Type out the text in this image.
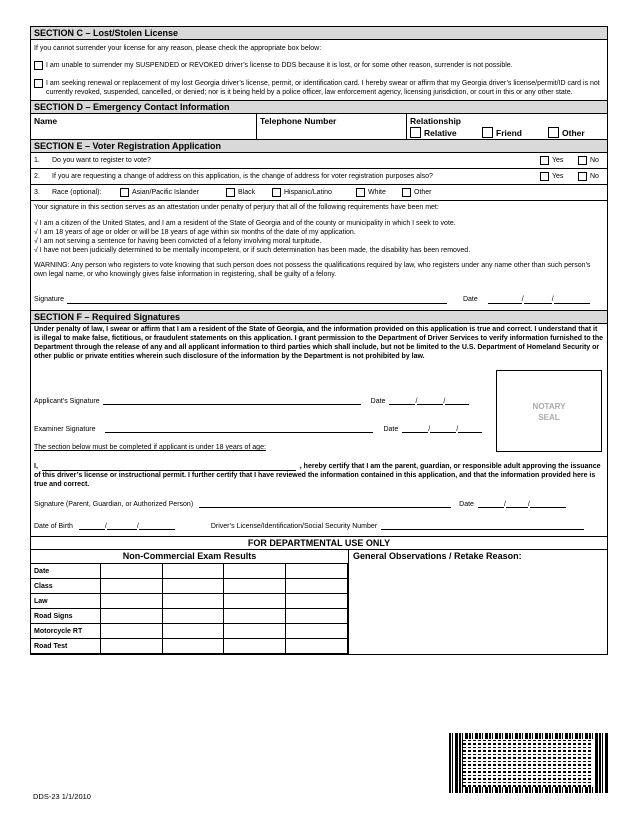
SECTION C – Lost/Stolen License
If you cannot surrender your license for any reason, please check the appropriate box below:
I am unable to surrender my SUSPENDED or REVOKED driver’s license to DDS because it is lost, or for some other reason, surrender is not possible.
I am seeking renewal or replacement of my lost Georgia driver’s license, permit, or identification card. I hereby swear or affirm that my Georgia driver’s license/permit/ID card is not currently revoked, suspended, cancelled, or denied; nor is it being held by a police officer, law enforcement agency, licensing jurisdiction, or court in this or any other state.
SECTION D – Emergency Contact Information
Name	Telephone Number	Relationship
Relative	Friend	Other
SECTION E – Voter Registration Application
1.	Do you want to register to vote?	Yes	No
2.	If you are requesting a change of address on this application, is the change of address for voter registration purposes also?	Yes	No
3.	Race (optional):	Asian/Pacific Islander	Black	Hispanic/Latino	White	Other
Your signature in this section serves as an attestation under penalty of perjury that all of the following requirements have been met:
√ I am a citizen of the United States, and I am a resident of the State of Georgia and of the county or municipality in which I seek to vote.
√ I am 18 years of age or older or will be 18 years of age within six months of the date of my application.
√ I am not serving a sentence for having been convicted of a felony involving moral turpitude.
√ I have not been judicially determined to be mentally incompetent, or if such determination has been made, the disability has been removed.
WARNING: Any person who registers to vote knowing that such person does not possess the qualifications required by law, who registers under any name other than such person’s own legal name, or who knowingly gives false information in registering, shall be guilty of a felony.
Signature	Date	/	/
SECTION F – Required Signatures
Under penalty of law, I swear or affirm that I am a resident of the State of Georgia, and the information provided on this application is true and correct. I understand that it is illegal to make false, fictitious, or fraudulent statements on this application. I grant permission to the Department of Driver Services to verify information furnished to the Department through the release of any and all applicant information to third parties which shall include, but not be limited to the U.S. Department of Homeland Security or other public or private entities wherein such disclosure of the information by the Department is not prohibited by law.
Applicant’s Signature	Date	/	/
Examiner Signature	Date	/	/
NOTARY
SEAL
The section below must be completed if applicant is under 18 years of age:
I,	, hereby certify that I am the parent, guardian, or responsible adult approving the issuance of this driver’s license or instructional permit. I further certify that I have reviewed the information contained in this application, and that the information provided here is true and correct.
Signature (Parent, Guardian, or Authorized Person)	Date	/	/
Date of Birth	/	/	Driver’s License/Identification/Social Security Number
FOR DEPARTMENTAL USE ONLY
Non-Commercial Exam Results
Date				
Class				
Law				
Road Signs				
Motorcycle RT				
Road Test				
General Observations / Retake Reason:
DDS-23 1/1/2010
